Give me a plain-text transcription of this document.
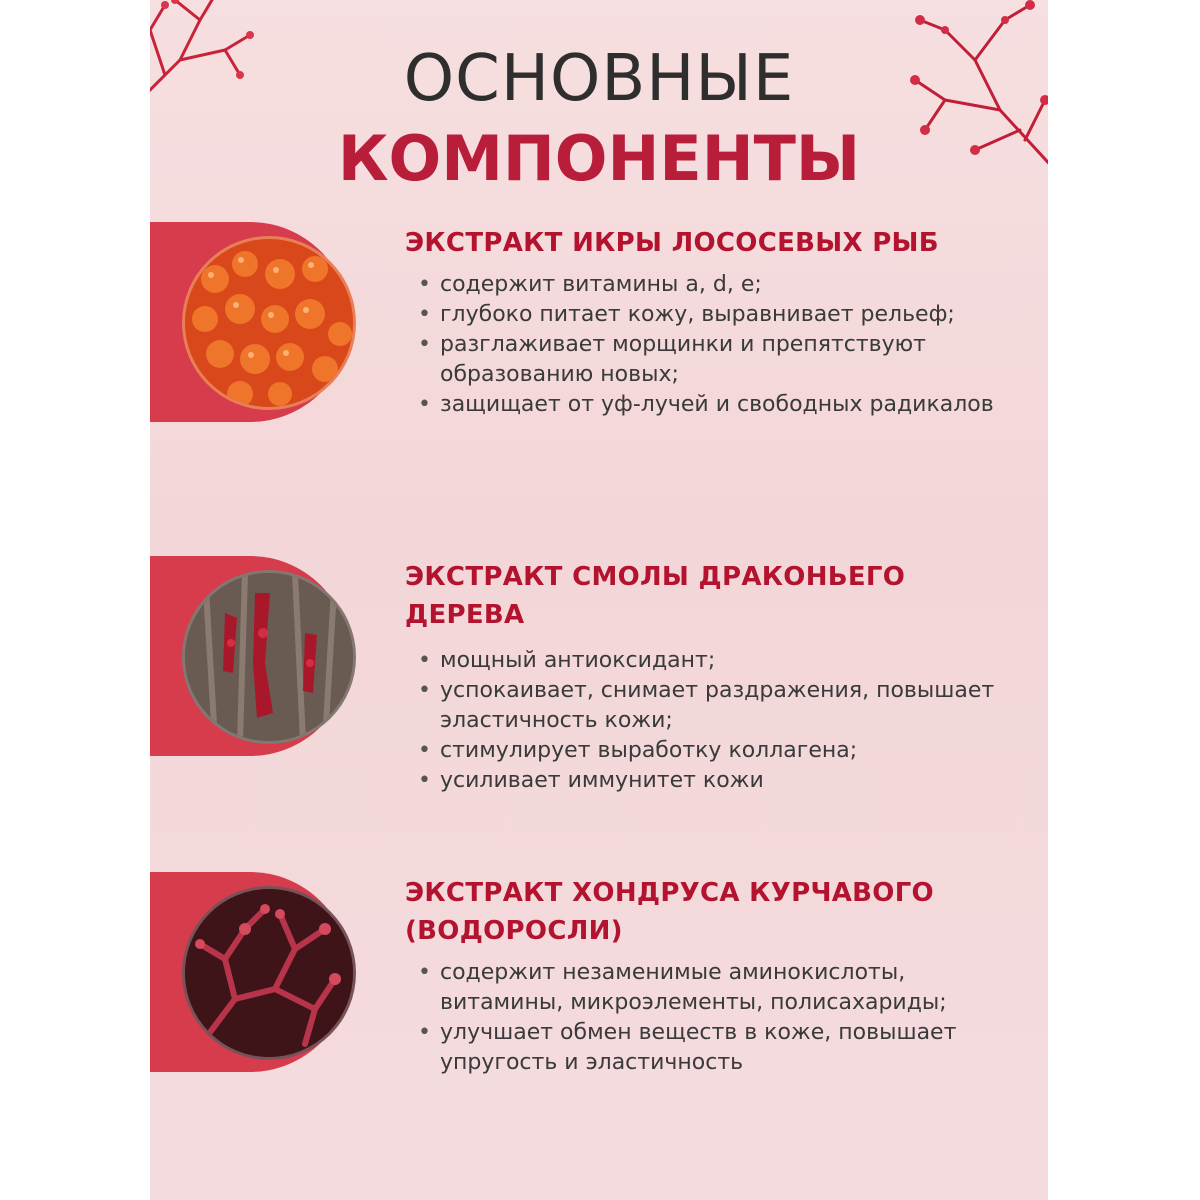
ОСНОВНЫЕ
КОМПОНЕНТЫ
ЭКСТРАКТ ИКРЫ ЛОСОСЕВЫХ РЫБ
• содержит витамины a, d, e;
• глубоко питает кожу, выравнивает рельеф;
• разглаживает морщинки и препятствуют образованию новых;
• защищает от уф-лучей и свободных радикалов
ЭКСТРАКТ СМОЛЫ ДРАКОНЬЕГО ДЕРЕВА
• мощный антиоксидант;
• успокаивает, снимает раздражения, повышает эластичность кожи;
• стимулирует выработку коллагена;
• усиливает иммунитет кожи
ЭКСТРАКТ ХОНДРУСА КУРЧАВОГО (ВОДОРОСЛИ)
• содержит незаменимые аминокислоты, витамины, микроэлементы, полисахариды;
• улучшает обмен веществ в коже, повышает упругость и эластичность
